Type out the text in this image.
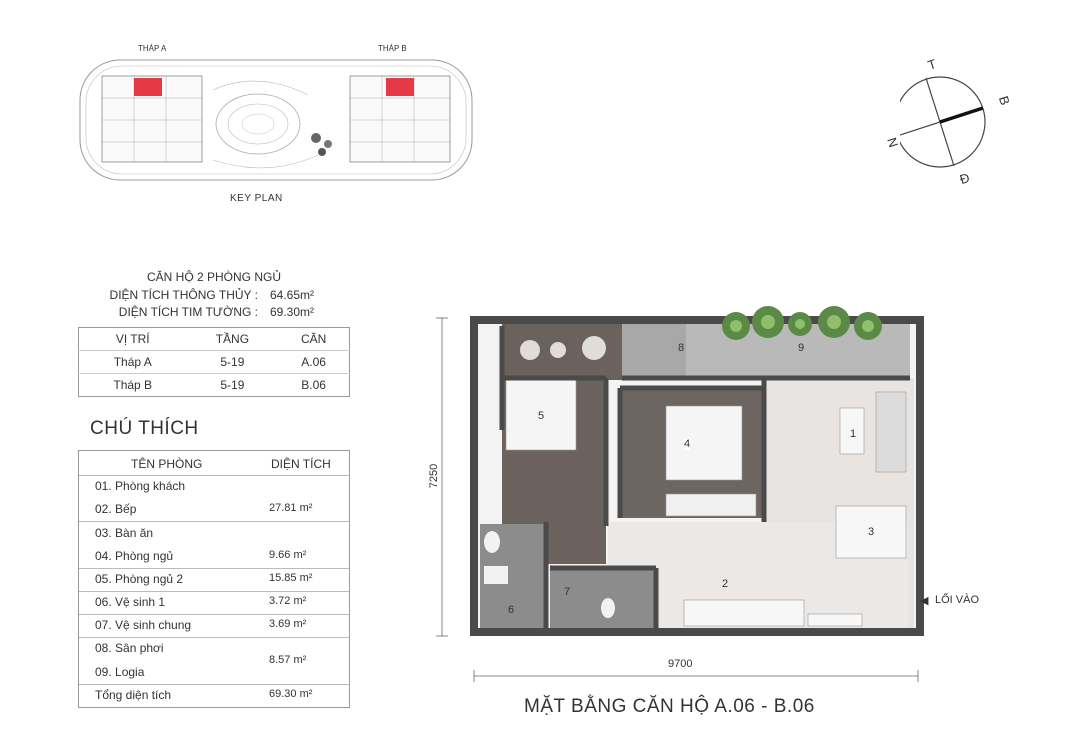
THÁP A	THÁP B
KEY PLAN
T
B
Đ
N
CĂN HỘ 2 PHÒNG NGỦ
DIỆN TÍCH THÔNG THỦY :	64.65m²
DIỆN TÍCH TIM TƯỜNG :	69.30m²
VỊ TRÍ	TẦNG	CĂN
Tháp A	5-19	A.06
Tháp B	5-19	B.06
CHÚ THÍCH
TÊN PHÒNG	DIỆN TÍCH
01. Phòng khách
02. Bếp	27.81 m²
03. Bàn ăn
04. Phòng ngủ	9.66 m²
05. Phòng ngủ 2	15.85 m²
06. Vệ sinh 1	3.72 m²
07. Vệ sinh chung	3.69 m²
08. Sân phơi
09. Logia
8.57 m²
Tổng diện tích	69.30 m²
1
2
3
4
5
6
7
8	9
7250
9700
◀ LỐI VÀO
MẶT BẰNG CĂN HỘ A.06 - B.06
